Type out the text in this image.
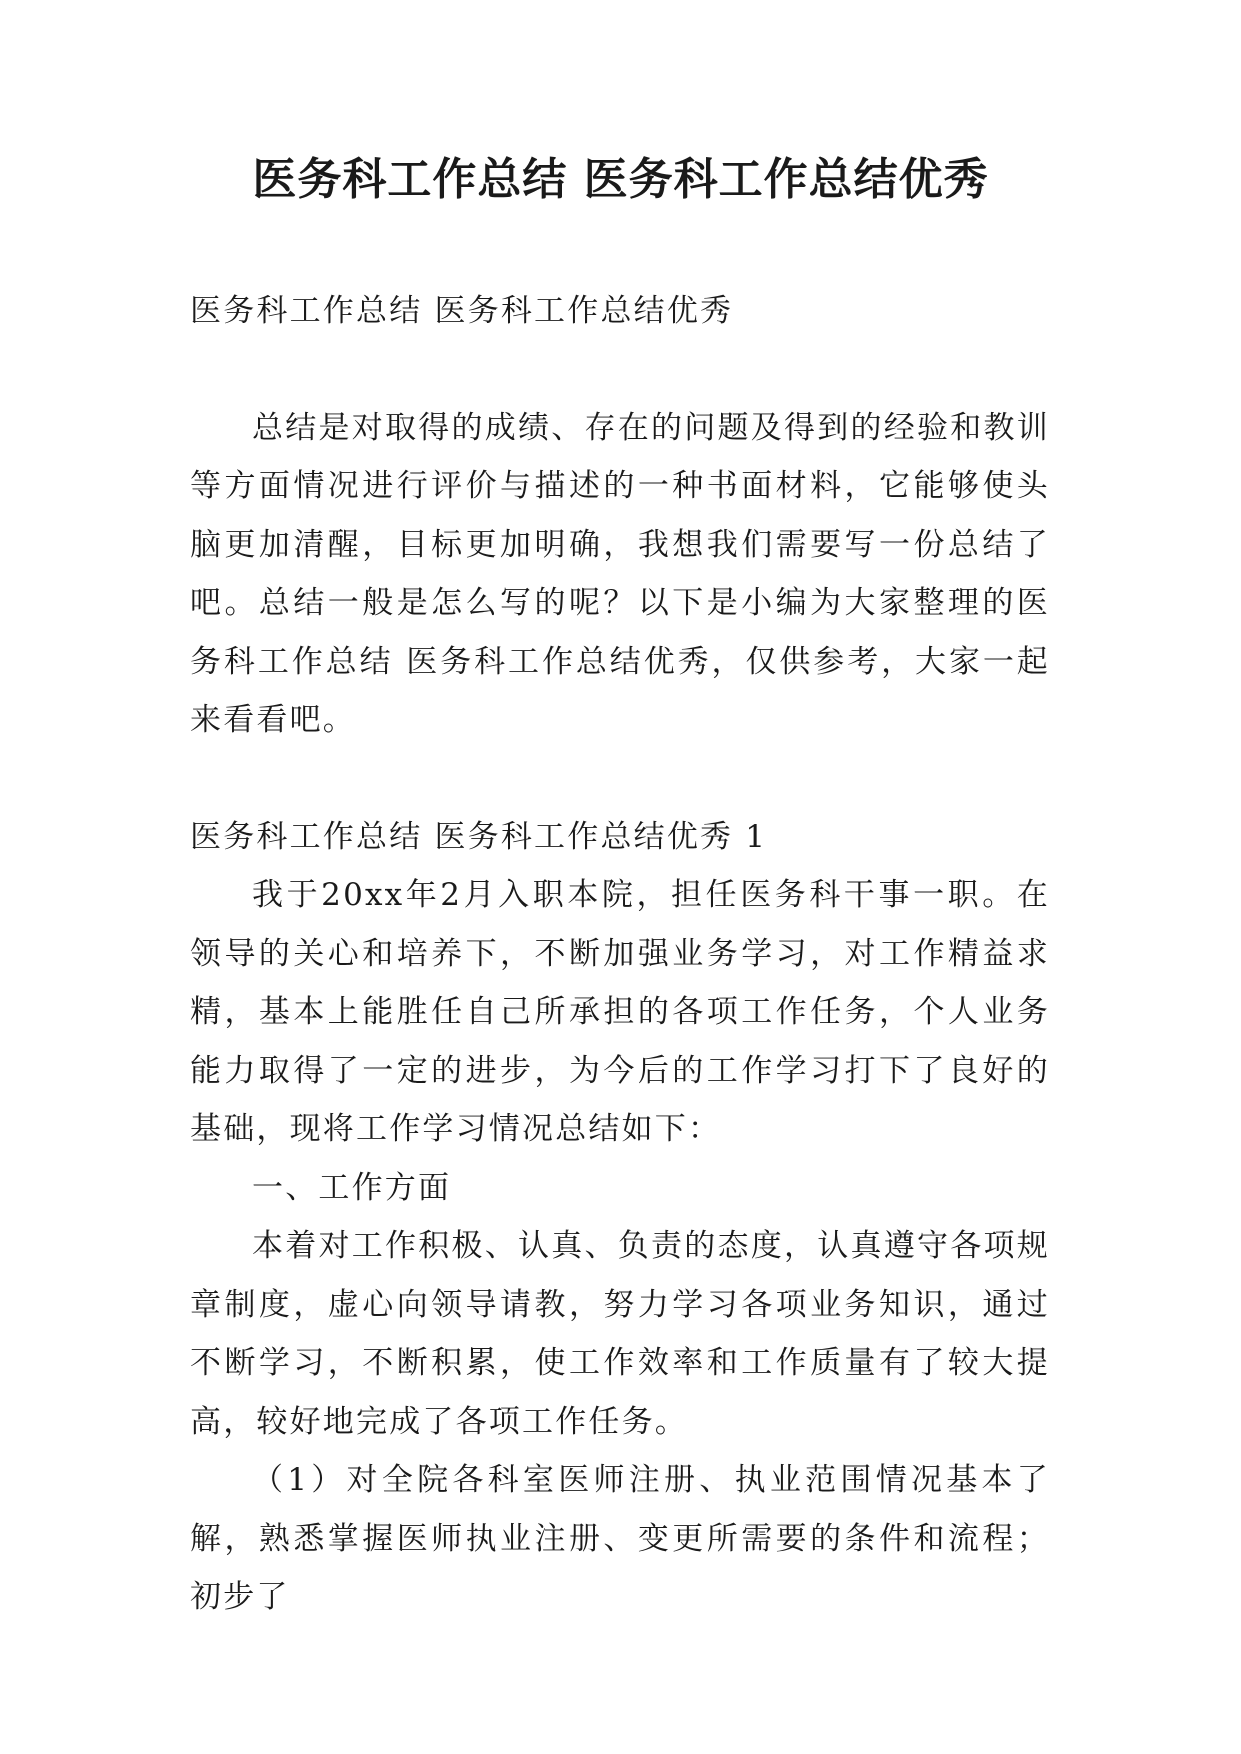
医务科工作总结 医务科工作总结优秀

医务科工作总结 医务科工作总结优秀

总结是对取得的成绩、存在的问题及得到的经验和教训等方面情况进行评价与描述的一种书面材料，它能够使头脑更加清醒，目标更加明确，我想我们需要写一份总结了吧。总结一般是怎么写的呢？以下是小编为大家整理的医务科工作总结 医务科工作总结优秀，仅供参考，大家一起来看看吧。

医务科工作总结 医务科工作总结优秀 1

我于20xx年2月入职本院，担任医务科干事一职。在领导的关心和培养下，不断加强业务学习，对工作精益求精，基本上能胜任自己所承担的各项工作任务，个人业务能力取得了一定的进步，为今后的工作学习打下了良好的基础，现将工作学习情况总结如下：

一、工作方面

本着对工作积极、认真、负责的态度，认真遵守各项规章制度，虚心向领导请教，努力学习各项业务知识，通过不断学习，不断积累，使工作效率和工作质量有了较大提高，较好地完成了各项工作任务。

（1）对全院各科室医师注册、执业范围情况基本了解，熟悉掌握医师执业注册、变更所需要的条件和流程；初步了
